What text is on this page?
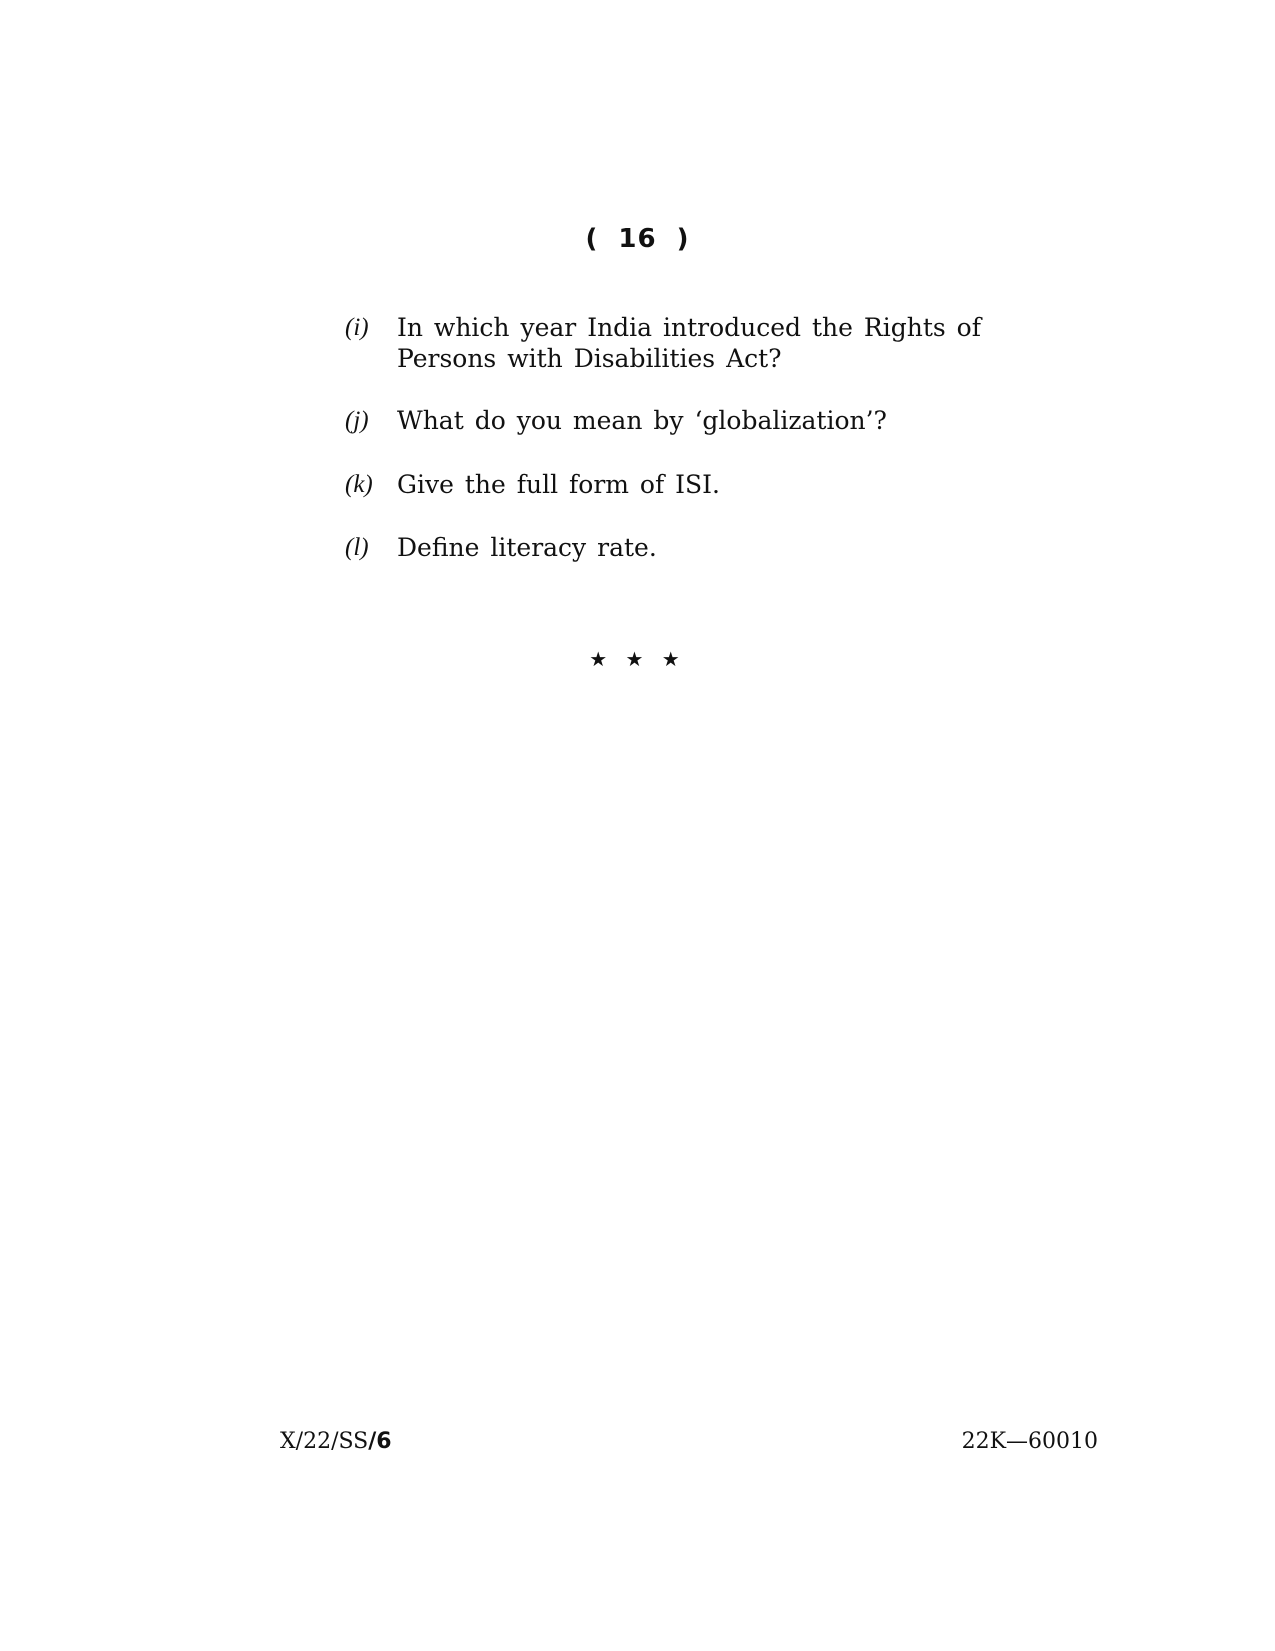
( 16 )
(i) In which year India introduced the Rights of Persons with Disabilities Act?
(j) What do you mean by ‘globalization’?
(k) Give the full form of ISI.
(l) Define literacy rate.
★ ★ ★
X/22/SS/6	22K—60010
